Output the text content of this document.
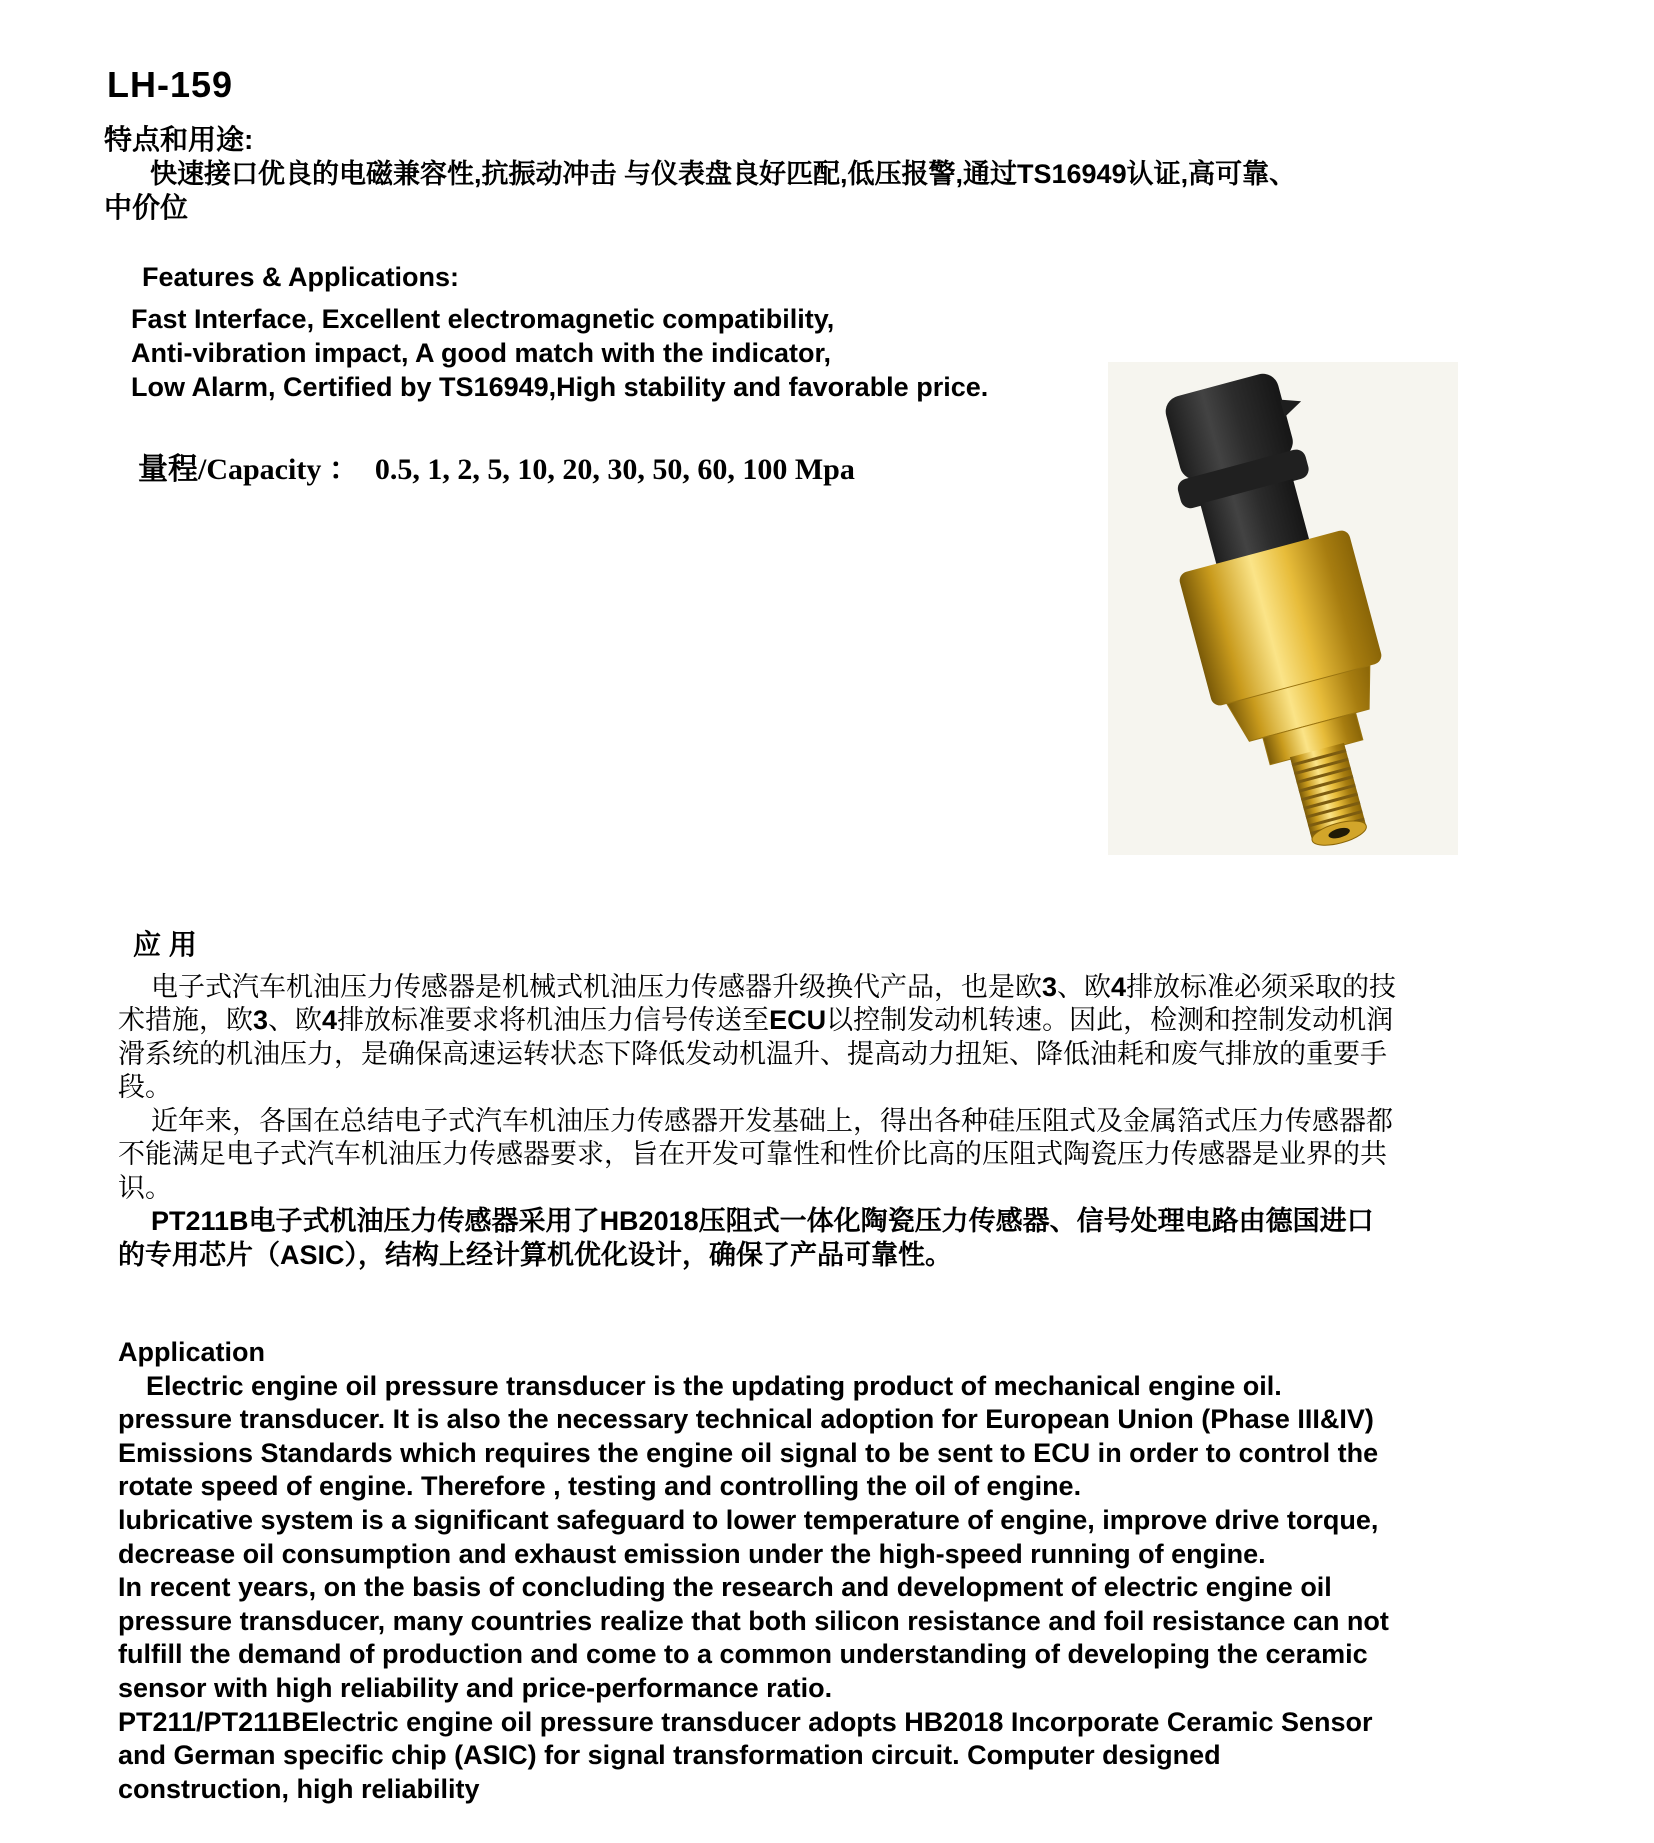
LH-159
特点和用途:
快速接口优良的电磁兼容性,抗振动冲击 与仪表盘良好匹配,低压报警,通过TS16949认证,高可靠、
中价位
Features & Applications:
Fast Interface, Excellent electromagnetic compatibility,
Anti-vibration impact, A good match with the indicator,
Low Alarm, Certified by TS16949,High stability and favorable price.
量程/Capacity ： 0.5, 1, 2, 5, 10, 20, 30, 50, 60, 100 Mpa
应 用
电子式汽车机油压力传感器是机械式机油压力传感器升级换代产品，也是欧3、欧4排放标准必须采取的技
术措施，欧3、欧4排放标准要求将机油压力信号传送至ECU以控制发动机转速。因此，检测和控制发动机润
滑系统的机油压力，是确保高速运转状态下降低发动机温升、提高动力扭矩、降低油耗和废气排放的重要手
段。
近年来，各国在总结电子式汽车机油压力传感器开发基础上，得出各种硅压阻式及金属箔式压力传感器都
不能满足电子式汽车机油压力传感器要求，旨在开发可靠性和性价比高的压阻式陶瓷压力传感器是业界的共
识。
PT211B电子式机油压力传感器采用了HB2018压阻式一体化陶瓷压力传感器、信号处理电路由德国进口
的专用芯片（ASIC），结构上经计算机优化设计，确保了产品可靠性。
Application
Electric engine oil pressure transducer is the updating product of mechanical engine oil.
pressure transducer. It is also the necessary technical adoption for European Union (Phase III&IV)
Emissions Standards which requires the engine oil signal to be sent to ECU in order to control the
rotate speed of engine. Therefore , testing and controlling the oil of engine.
lubricative system is a significant safeguard to lower temperature of engine, improve drive torque,
decrease oil consumption and exhaust emission under the high-speed running of engine.
In recent years, on the basis of concluding the research and development of electric engine oil
pressure transducer, many countries realize that both silicon resistance and foil resistance can not
fulfill the demand of production and come to a common understanding of developing the ceramic
sensor with high reliability and price-performance ratio.
PT211/PT211BElectric engine oil pressure transducer adopts HB2018 Incorporate Ceramic Sensor
and German specific chip (ASIC) for signal transformation circuit. Computer designed
construction, high reliability
